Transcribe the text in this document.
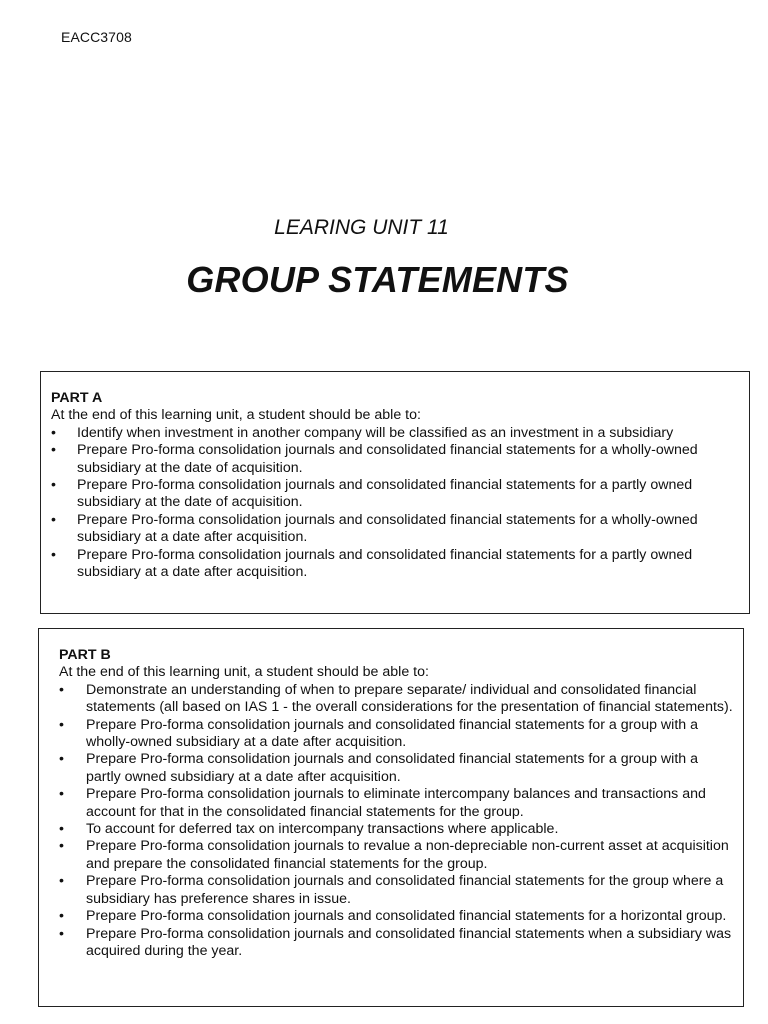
EACC3708
LEARING UNIT 11
GROUP STATEMENTS
PART A
At the end of this learning unit, a student should be able to:
• Identify when investment in another company will be classified as an investment in a subsidiary
• Prepare Pro-forma consolidation journals and consolidated financial statements for a wholly-owned subsidiary at the date of acquisition.
• Prepare Pro-forma consolidation journals and consolidated financial statements for a partly owned subsidiary at the date of acquisition.
• Prepare Pro-forma consolidation journals and consolidated financial statements for a wholly-owned subsidiary at a date after acquisition.
• Prepare Pro-forma consolidation journals and consolidated financial statements for a partly owned subsidiary at a date after acquisition.
PART B
At the end of this learning unit, a student should be able to:
• Demonstrate an understanding of when to prepare separate/ individual and consolidated financial statements (all based on IAS 1 - the overall considerations for the presentation of financial statements).
• Prepare Pro-forma consolidation journals and consolidated financial statements for a group with a wholly-owned subsidiary at a date after acquisition.
• Prepare Pro-forma consolidation journals and consolidated financial statements for a group with a partly owned subsidiary at a date after acquisition.
• Prepare Pro-forma consolidation journals to eliminate intercompany balances and transactions and account for that in the consolidated financial statements for the group.
• To account for deferred tax on intercompany transactions where applicable.
• Prepare Pro-forma consolidation journals to revalue a non-depreciable non-current asset at acquisition and prepare the consolidated financial statements for the group.
• Prepare Pro-forma consolidation journals and consolidated financial statements for the group where a subsidiary has preference shares in issue.
• Prepare Pro-forma consolidation journals and consolidated financial statements for a horizontal group.
• Prepare Pro-forma consolidation journals and consolidated financial statements when a subsidiary was acquired during the year.
